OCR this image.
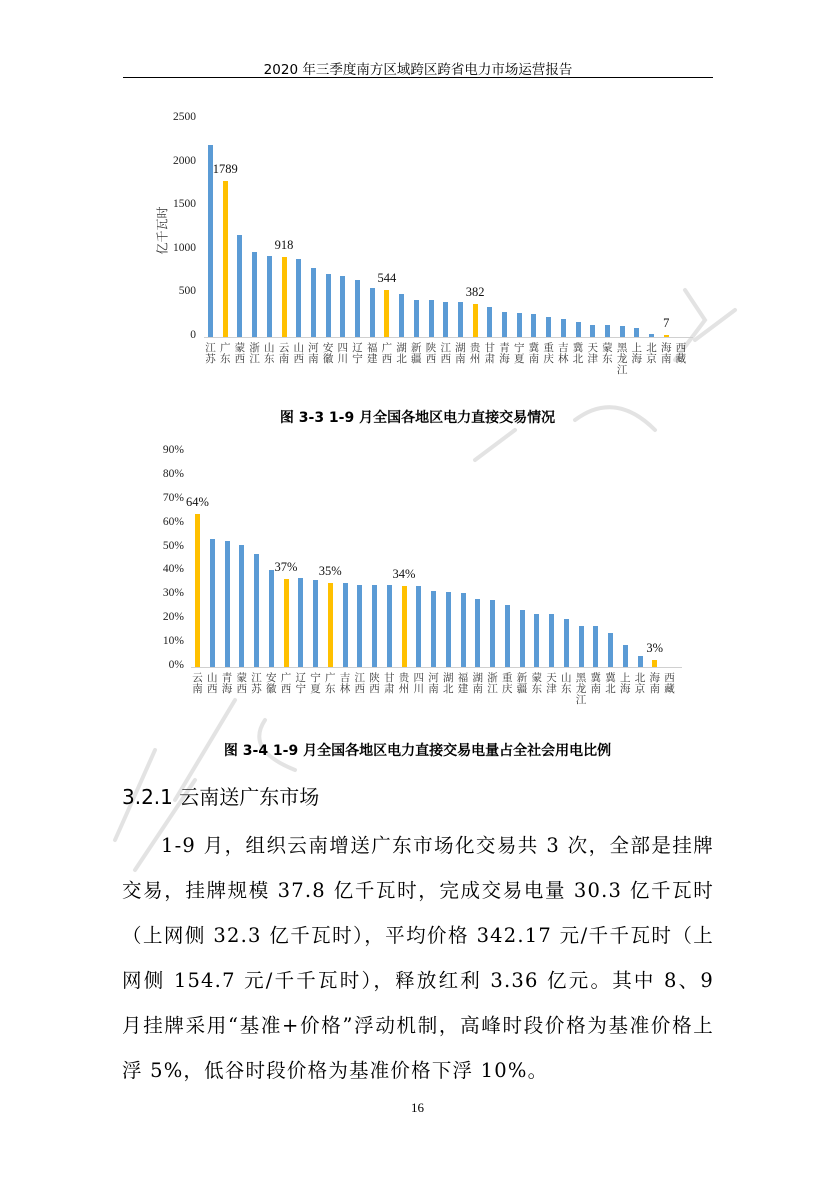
2020 年三季度南方区域跨区跨省电力市场运营报告
2500
2000
1500
1000
500
0
江苏
广东
1789
蒙西
浙江
山东
云南
918
山西
河南
安徽
四川
辽宁
福建
广西
544
湖北
新疆
陕西
江西
湖南
贵州
382
甘肃
青海
宁夏
冀南
重庆
吉林
冀北
天津
蒙东
黑龙江
上海
北京
海南
7
西藏
亿千瓦时
图 3-3 1-9 月全国各地区电力直接交易情况
90%
80%
70%
60%
50%
40%
30%
20%
10%
0%
云南
64%
山西
青海
蒙西
江苏
安徽
广西
37%
辽宁
宁夏
广东
35%
吉林
江西
陕西
甘肃
贵州
34%
四川
河南
湖北
福建
湖南
浙江
重庆
新疆
蒙东
天津
山东
黑龙江
冀南
冀北
上海
北京
海南
3%
西藏
图 3-4 1-9 月全国各地区电力直接交易电量占全社会用电比例
3.2.1 云南送广东市场
1-9 月，组织云南增送广东市场化交易共 3 次，全部是挂牌交易，挂牌规模 37.8 亿千瓦时，完成交易电量 30.3 亿千瓦时（上网侧 32.3 亿千瓦时），平均价格 342.17 元/千千瓦时（上网侧 154.7 元/千千瓦时），释放红利 3.36 亿元。其中 8、9 月挂牌采用“基准+价格”浮动机制，高峰时段价格为基准价格上浮 5%，低谷时段价格为基准价格下浮 10%。
16
